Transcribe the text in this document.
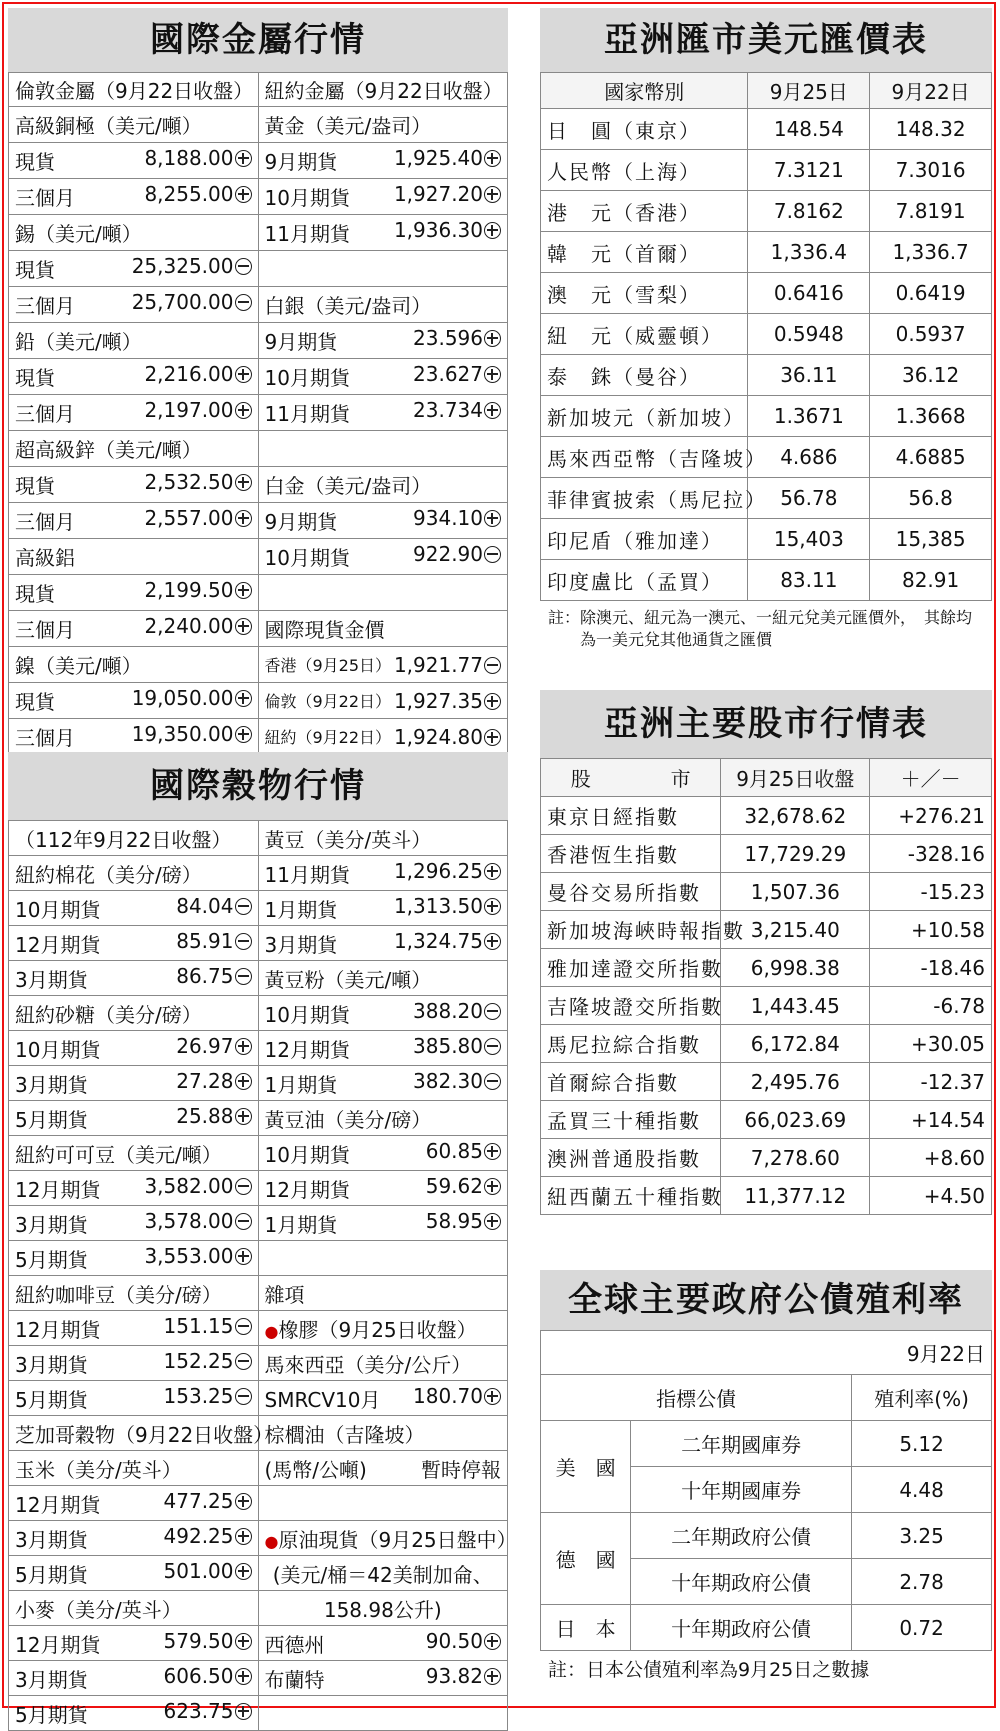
國際金屬行情
倫敦金屬（9月22日收盤）	紐約金屬（9月22日收盤）
高級銅極（美元/噸）	黃金（美元/盎司）

現貨 8,188.00	9月期貨 1,925.40

三個月 8,255.00	10月期貨 1,927.20

錫（美元/噸）	11月期貨 1,936.30

現貨 25,325.00	

三個月 25,700.00	白銀（美元/盎司）
鉛（美元/噸）	9月期貨 23.596

現貨 2,216.00	10月期貨 23.627

三個月 2,197.00	11月期貨 23.734

超高級鋅（美元/噸）	

現貨 2,532.50	白金（美元/盎司）

三個月 2,557.00	9月期貨 934.10

高級鋁	10月期貨 922.90

現貨 2,199.50	

三個月 2,240.00	國際現貨金價
鎳（美元/噸）	香港（9月25日） 1,921.77

現貨 19,050.00	倫敦（9月22日） 1,927.35

三個月 19,350.00	紐約（9月22日） 1,924.80
國際穀物行情
（112年9月22日收盤）	黃豆（美分/英斗）
紐約棉花（美分/磅）	11月期貨 1,296.25

10月期貨 84.04	1月期貨 1,313.50

12月期貨 85.91	3月期貨 1,324.75

3月期貨 86.75	黃豆粉（美元/噸）
紐約砂糖（美分/磅）	10月期貨 388.20

10月期貨 26.97	12月期貨 385.80

3月期貨 27.28	1月期貨 382.30

5月期貨 25.88	黃豆油（美分/磅）
紐約可可豆（美元/噸）	10月期貨 60.85

12月期貨 3,582.00	12月期貨 59.62

3月期貨 3,578.00	1月期貨 58.95

5月期貨 3,553.00	

紐約咖啡豆（美分/磅）	雜項

12月期貨 151.15	●橡膠（9月25日收盤）

3月期貨 152.25	馬來西亞（美分/公斤）

5月期貨 153.25	SMRCV10月 180.70

芝加哥穀物（9月22日收盤）	棕櫚油（吉隆坡）
玉米（美分/英斗）	(馬幣/公噸) 暫時停報

12月期貨 477.25	

3月期貨 492.25	●原油現貨（9月25日盤中）

5月期貨 501.00	(美元/桶＝42美制加侖、
小麥（美分/英斗）	158.98公升)

12月期貨 579.50	西德州 90.50

3月期貨 606.50	布蘭特 93.82

5月期貨 623.75	

亞洲匯市美元匯價表
國家幣別	9月25日	9月22日
日　圓（東京）	148.54	148.32
人民幣（上海）	7.3121	7.3016
港　元（香港）	7.8162	7.8191
韓　元（首爾）	1,336.4	1,336.7
澳　元（雪梨）	0.6416	0.6419
紐　元（威靈頓）	0.5948	0.5937
泰　銖（曼谷）	36.11	36.12
新加坡元（新加坡）	1.3671	1.3668
馬來西亞幣（吉隆坡）	4.686	4.6885
菲律賓披索（馬尼拉）	56.78	56.8
印尼盾（雅加達）	15,403	15,385
印度盧比（孟買）	83.11	82.91
註：除澳元、紐元為一澳元、一紐元兌美元匯價外，　其餘均
為一美元兌其他通貨之匯價
亞洲主要股市行情表
股　　　　市	9月25日收盤	＋／－
東京日經指數	32,678.62	+276.21
香港恆生指數	17,729.29	-328.16
曼谷交易所指數	1,507.36	-15.23
新加坡海峽時報指數	3,215.40	+10.58
雅加達證交所指數	6,998.38	-18.46
吉隆坡證交所指數	1,443.45	-6.78
馬尼拉綜合指數	6,172.84	+30.05
首爾綜合指數	2,495.76	-12.37
孟買三十種指數	66,023.69	+14.54
澳洲普通股指數	7,278.60	+8.60
紐西蘭五十種指數	11,377.12	+4.50
全球主要政府公債殖利率
9月22日		
指標公債		殖利率(%)
美　國	二年期國庫券	5.12
	十年期國庫券	4.48
德　國	二年期政府公債	3.25
	十年期政府公債	2.78
日　本	十年期政府公債	0.72
註：日本公債殖利率為9月25日之數據
